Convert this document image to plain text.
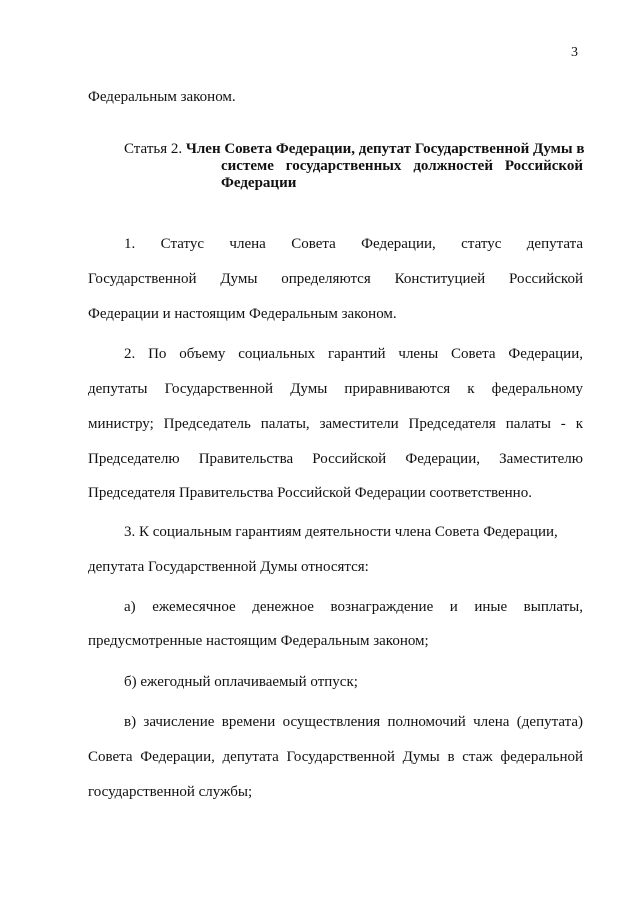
3
Федеральным законом.
Статья 2. Член Совета Федерации, депутат Государственной Думы в
системе государственных должностей Российской
Федерации
1. Статус члена Совета Федерации, статус депутата
Государственной Думы определяются Конституцией Российской
Федерации и настоящим Федеральным законом.
2. По объему социальных гарантий члены Совета Федерации,
депутаты Государственной Думы приравниваются к федеральному
министру; Председатель палаты, заместители Председателя палаты - к
Председателю Правительства Российской Федерации, Заместителю
Председателя Правительства Российской Федерации соответственно.
3. К социальным гарантиям деятельности члена Совета Федерации,
депутата Государственной Думы относятся:
а) ежемесячное денежное вознаграждение и иные выплаты,
предусмотренные настоящим Федеральным законом;
б) ежегодный оплачиваемый отпуск;
в) зачисление времени осуществления полномочий члена (депутата)
Совета Федерации, депутата Государственной Думы в стаж федеральной
государственной службы;
